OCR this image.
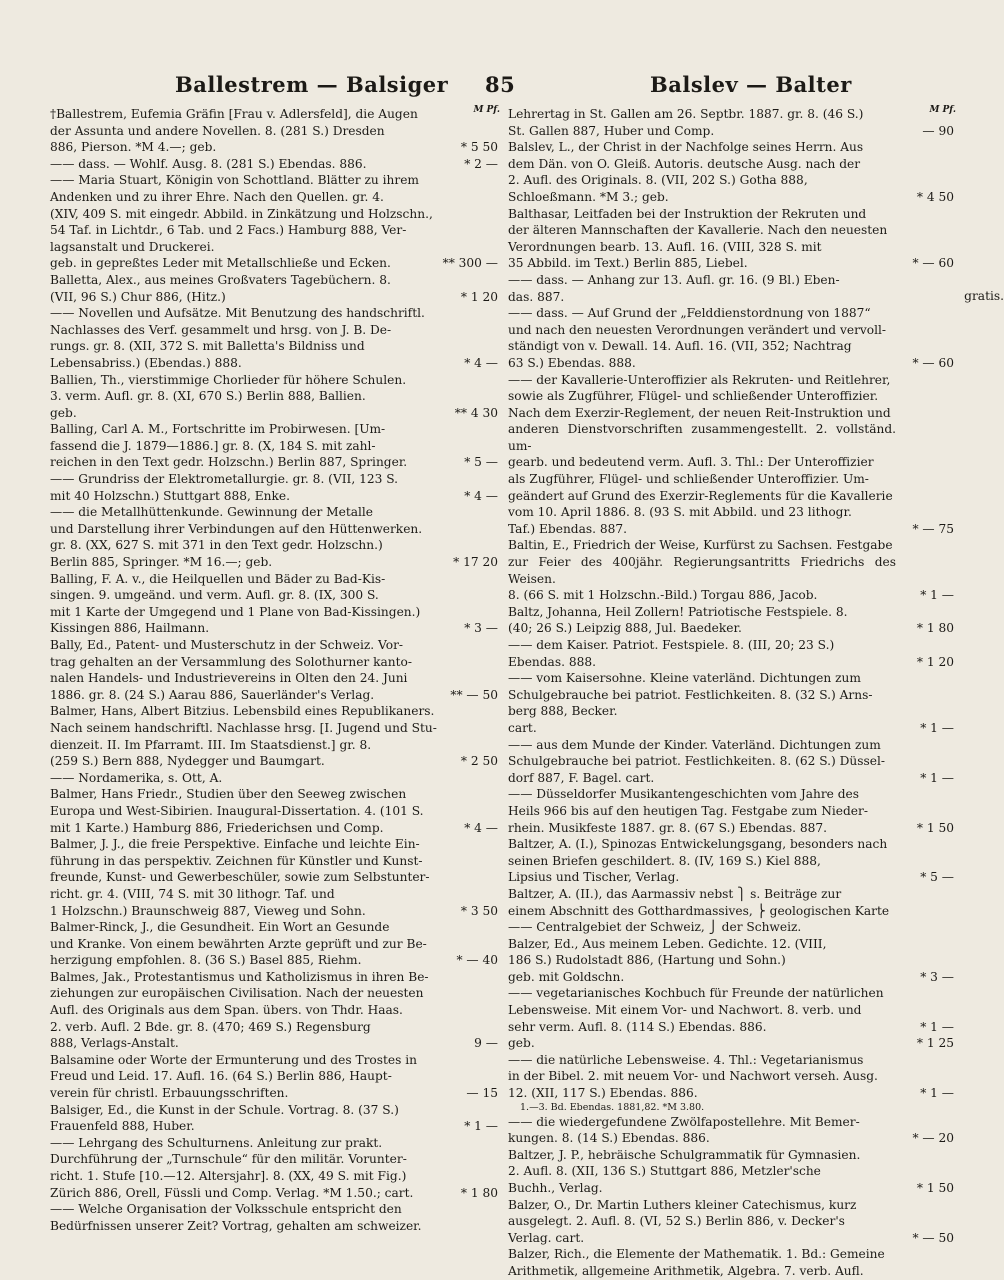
Ballestrem — Balsiger 85	Balslev — Balter
M Pf.
†Ballestrem, Eufemia Gräfin [Frau v. Adlersfeld], die Augen
der Assunta und andere Novellen. 8. (281 S.) Dresden
886, Pierson. *M 4.—; geb.	* 5 50
—— dass. — Wohlf. Ausg. 8. (281 S.) Ebendas. 886.	* 2 —
—— Maria Stuart, Königin von Schottland. Blätter zu ihrem
Andenken und zu ihrer Ehre. Nach den Quellen. gr. 4.
(XIV, 409 S. mit eingedr. Abbild. in Zinkätzung und Holzschn.,
54 Taf. in Lichtdr., 6 Tab. und 2 Facs.) Hamburg 888, Ver-
lagsanstalt und Druckerei.
geb. in gepreßtes Leder mit Metallschließe und Ecken.	** 300 —
Balletta, Alex., aus meines Großvaters Tagebüchern. 8.
(VII, 96 S.) Chur 886, (Hitz.)	* 1 20
—— Novellen und Aufsätze. Mit Benutzung des handschriftl.
Nachlasses des Verf. gesammelt und hrsg. von J. B. De-
rungs. gr. 8. (XII, 372 S. mit Balletta's Bildniss und
Lebensabriss.) (Ebendas.) 888.	* 4 —
Ballien, Th., vierstimmige Chorlieder für höhere Schulen.
3. verm. Aufl. gr. 8. (XI, 670 S.) Berlin 888, Ballien.
geb.	** 4 30
Balling, Carl A. M., Fortschritte im Probirwesen. [Um-
fassend die J. 1879—1886.] gr. 8. (X, 184 S. mit zahl-
reichen in den Text gedr. Holzschn.) Berlin 887, Springer.	* 5 —
—— Grundriss der Elektrometallurgie. gr. 8. (VII, 123 S.
mit 40 Holzschn.) Stuttgart 888, Enke.	* 4 —
—— die Metallhüttenkunde. Gewinnung der Metalle
und Darstellung ihrer Verbindungen auf den Hüttenwerken.
gr. 8. (XX, 627 S. mit 371 in den Text gedr. Holzschn.)
Berlin 885, Springer. *M 16.—; geb.	* 17 20
Balling, F. A. v., die Heilquellen und Bäder zu Bad-Kis-
singen. 9. umgeänd. und verm. Aufl. gr. 8. (IX, 300 S.
mit 1 Karte der Umgegend und 1 Plane von Bad-Kissingen.)
Kissingen 886, Hailmann.	* 3 —
Bally, Ed., Patent- und Musterschutz in der Schweiz. Vor-
trag gehalten an der Versammlung des Solothurner kanto-
nalen Handels- und Industrievereins in Olten den 24. Juni
1886. gr. 8. (24 S.) Aarau 886, Sauerländer's Verlag.	** — 50
Balmer, Hans, Albert Bitzius. Lebensbild eines Republikaners.
Nach seinem handschriftl. Nachlasse hrsg. [I. Jugend und Stu-
dienzeit. II. Im Pfarramt. III. Im Staatsdienst.] gr. 8.
(259 S.) Bern 888, Nydegger und Baumgart.	* 2 50
—— Nordamerika, s. Ott, A.
Balmer, Hans Friedr., Studien über den Seeweg zwischen
Europa und West-Sibirien. Inaugural-Dissertation. 4. (101 S.
mit 1 Karte.) Hamburg 886, Friederichsen und Comp.	* 4 —
Balmer, J. J., die freie Perspektive. Einfache und leichte Ein-
führung in das perspektiv. Zeichnen für Künstler und Kunst-
freunde, Kunst- und Gewerbeschüler, sowie zum Selbstunter-
richt. gr. 4. (VIII, 74 S. mit 30 lithogr. Taf. und
1 Holzschn.) Braunschweig 887, Vieweg und Sohn.	* 3 50
Balmer-Rinck, J., die Gesundheit. Ein Wort an Gesunde
und Kranke. Von einem bewährten Arzte geprüft und zur Be-
herzigung empfohlen. 8. (36 S.) Basel 885, Riehm.	* — 40
Balmes, Jak., Protestantismus und Katholizismus in ihren Be-
ziehungen zur europäischen Civilisation. Nach der neuesten
Aufl. des Originals aus dem Span. übers. von Thdr. Haas.
2. verb. Aufl. 2 Bde. gr. 8. (470; 469 S.) Regensburg
888, Verlags-Anstalt.	9 —
Balsamine oder Worte der Ermunterung und des Trostes in
Freud und Leid. 17. Aufl. 16. (64 S.) Berlin 886, Haupt-
verein für christl. Erbauungsschriften.	— 15
Balsiger, Ed., die Kunst in der Schule. Vortrag. 8. (37 S.)
Frauenfeld 888, Huber.	* 1 —
—— Lehrgang des Schulturnens. Anleitung zur prakt.
Durchführung der „Turnschule“ für den militär. Vorunter-
richt. 1. Stufe [10.—12. Altersjahr]. 8. (XX, 49 S. mit Fig.)
Zürich 886, Orell, Füssli und Comp. Verlag. *M 1.50.; cart.	* 1 80
—— Welche Organisation der Volksschule entspricht den
Bedürfnissen unserer Zeit? Vortrag, gehalten am schweizer.
M Pf.
gratis.
Lehrertag in St. Gallen am 26. Septbr. 1887. gr. 8. (46 S.)
St. Gallen 887, Huber und Comp.	— 90
Balslev, L., der Christ in der Nachfolge seines Herrn. Aus
dem Dän. von O. Gleiß. Autoris. deutsche Ausg. nach der
2. Aufl. des Originals. 8. (VII, 202 S.) Gotha 888,
Schloeßmann. *M 3.; geb.	* 4 50
Balthasar, Leitfaden bei der Instruktion der Rekruten und
der älteren Mannschaften der Kavallerie. Nach den neuesten
Verordnungen bearb. 13. Aufl. 16. (VIII, 328 S. mit
35 Abbild. im Text.) Berlin 885, Liebel.	* — 60
—— dass. — Anhang zur 13. Aufl. gr. 16. (9 Bl.) Eben-
das. 887.
—— dass. — Auf Grund der „Felddienstordnung von 1887“
und nach den neuesten Verordnungen verändert und vervoll-
ständigt von v. Dewall. 14. Aufl. 16. (VII, 352; Nachtrag
63 S.) Ebendas. 888.	* — 60
—— der Kavallerie-Unteroffizier als Rekruten- und Reitlehrer,
sowie als Zugführer, Flügel- und schließender Unteroffizier.
Nach dem Exerzir-Reglement, der neuen Reit-Instruktion und
anderen Dienstvorschriften zusammengestellt. 2. vollständ. um-
gearb. und bedeutend verm. Aufl. 3. Thl.: Der Unteroffizier
als Zugführer, Flügel- und schließender Unteroffizier. Um-
geändert auf Grund des Exerzir-Reglements für die Kavallerie
vom 10. April 1886. 8. (93 S. mit Abbild. und 23 lithogr.
Taf.) Ebendas. 887.	* — 75
Baltin, E., Friedrich der Weise, Kurfürst zu Sachsen. Festgabe
zur Feier des 400jähr. Regierungsantritts Friedrichs des Weisen.
8. (66 S. mit 1 Holzschn.-Bild.) Torgau 886, Jacob.	* 1 —
Baltz, Johanna, Heil Zollern! Patriotische Festspiele. 8.
(40; 26 S.) Leipzig 888, Jul. Baedeker.	* 1 80
—— dem Kaiser. Patriot. Festspiele. 8. (III, 20; 23 S.)
Ebendas. 888.	* 1 20
—— vom Kaisersohne. Kleine vaterländ. Dichtungen zum
Schulgebrauche bei patriot. Festlichkeiten. 8. (32 S.) Arns-
berg 888, Becker.
cart.	* 1 —
—— aus dem Munde der Kinder. Vaterländ. Dichtungen zum
Schulgebrauche bei patriot. Festlichkeiten. 8. (62 S.) Düssel-
dorf 887, F. Bagel. cart.	* 1 —
—— Düsseldorfer Musikantengeschichten vom Jahre des
Heils 966 bis auf den heutigen Tag. Festgabe zum Nieder-
rhein. Musikfeste 1887. gr. 8. (67 S.) Ebendas. 887.	* 1 50
Baltzer, A. (I.), Spinozas Entwickelungsgang, besonders nach
seinen Briefen geschildert. 8. (IV, 169 S.) Kiel 888,
Lipsius und Tischer, Verlag.	* 5 —
Baltzer, A. (II.), das Aarmassiv nebst ⎫ s. Beiträge zur
einem Abschnitt des Gotthardmassives, ⎬ geologischen Karte
—— Centralgebiet der Schweiz, ⎭ der Schweiz.
Balzer, Ed., Aus meinem Leben. Gedichte. 12. (VIII,
186 S.) Rudolstadt 886, (Hartung und Sohn.)
geb. mit Goldschn.	* 3 —
—— vegetarianisches Kochbuch für Freunde der natürlichen
Lebensweise. Mit einem Vor- und Nachwort. 8. verb. und
sehr verm. Aufl. 8. (114 S.) Ebendas. 886.	* 1 —
geb.	* 1 25
—— die natürliche Lebensweise. 4. Thl.: Vegetarianismus
in der Bibel. 2. mit neuem Vor- und Nachwort verseh. Ausg.
12. (XII, 117 S.) Ebendas. 886.	* 1 —
1.—3. Bd. Ebendas. 1881,82. *M 3.80.
—— die wiedergefundene Zwölfapostellehre. Mit Bemer-
kungen. 8. (14 S.) Ebendas. 886.	* — 20
Baltzer, J. P., hebräische Schulgrammatik für Gymnasien.
2. Aufl. 8. (XII, 136 S.) Stuttgart 886, Metzler'sche
Buchh., Verlag.	* 1 50
Balzer, O., Dr. Martin Luthers kleiner Catechismus, kurz
ausgelegt. 2. Aufl. 8. (VI, 52 S.) Berlin 886, v. Decker's
Verlag. cart.	* — 50
Balzer, Rich., die Elemente der Mathematik. 1. Bd.: Gemeine
Arithmetik, allgemeine Arithmetik, Algebra. 7. verb. Aufl.
